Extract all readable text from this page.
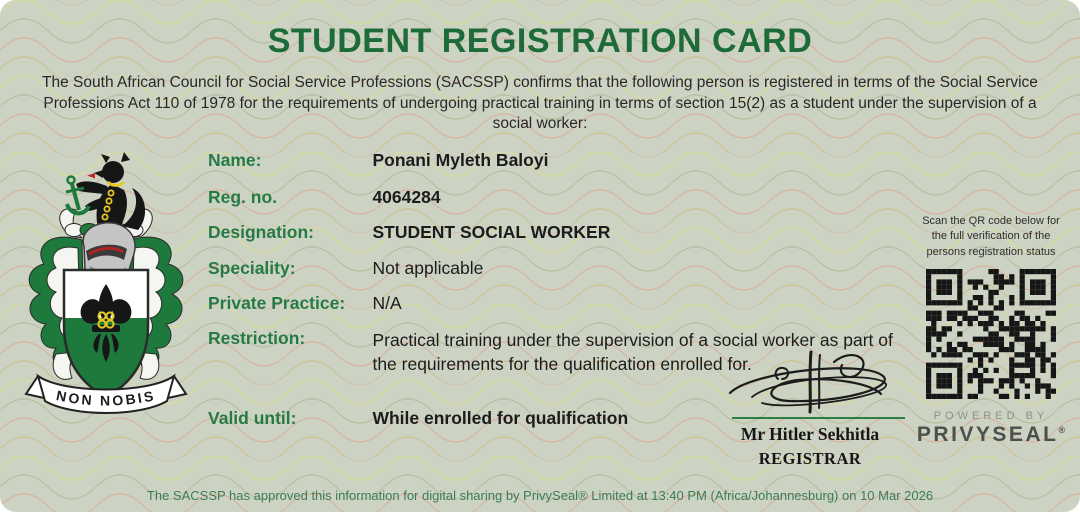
STUDENT REGISTRATION CARD
The South African Council for Social Service Professions (SACSSP) confirms that the following person is registered in terms of the Social Service Professions Act 110 of 1978 for the requirements of undergoing practical training in terms of section 15(2) as a student under the supervision of a social worker:
NON NOBIS
Name:	Ponani Myleth Baloyi
Reg. no.	4064284
Designation:	STUDENT SOCIAL WORKER
Speciality:	Not applicable
Private Practice: N/A
Restriction:	Practical training under the supervision of a social worker as part of the requirements for the qualification enrolled for.
Valid until:	While enrolled for qualification
Scan the QR code below for the full verification of the persons registration status
POWERED BY
PRIVYSEAL®
Mr Hitler Sekhitla
REGISTRAR
The SACSSP has approved this information for digital sharing by PrivySeal® Limited at 13:40 PM (Africa/Johannesburg) on 10 Mar 2026
